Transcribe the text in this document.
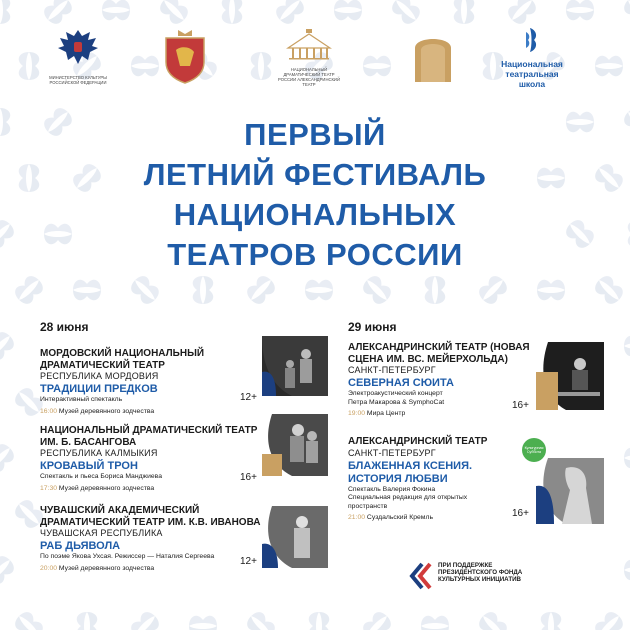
МИНИСТЕРСТВО КУЛЬТУРЫ РОССИЙСКОЙ ФЕДЕРАЦИИ
НАЦИОНАЛЬНЫЙ ДРАМАТИЧЕСКИЙ ТЕАТР РОССИИ АЛЕКСАНДРИНСКИЙ ТЕАТР
Национальная театральная школа
ПЕРВЫЙ
ЛЕТНИЙ ФЕСТИВАЛЬ
НАЦИОНАЛЬНЫХ
ТЕАТРОВ РОССИИ
28 июня
МОРДОВСКИЙ НАЦИОНАЛЬНЫЙ ДРАМАТИЧЕСКИЙ ТЕАТР
РЕСПУБЛИКА МОРДОВИЯ
ТРАДИЦИИ ПРЕДКОВ
Интерактивный спектакль
16:00 Музей деревянного зодчества
12+
НАЦИОНАЛЬНЫЙ ДРАМАТИЧЕСКИЙ ТЕАТР ИМ. Б. БАСАНГОВА
РЕСПУБЛИКА КАЛМЫКИЯ
КРОВАВЫЙ ТРОН
Спектакль и пьеса Бориса Манджиева
17:30 Музей деревянного зодчества
16+
ЧУВАШСКИЙ АКАДЕМИЧЕСКИЙ ДРАМАТИЧЕСКИЙ ТЕАТР ИМ. К.В. ИВАНОВА
ЧУВАШСКАЯ РЕСПУБЛИКА
РАБ ДЬЯВОЛА
По поэме Якова Ухсая. Режиссер — Наталия Сергеева
20:00 Музей деревянного зодчества
12+
29 июня
АЛЕКСАНДРИНСКИЙ ТЕАТР (НОВАЯ СЦЕНА ИМ. ВС. МЕЙЕРХОЛЬДА)
САНКТ-ПЕТЕРБУРГ
СЕВЕРНАЯ СЮИТА
Электроакустический концерт
Петра Макарова & SymphoCat
19:00 Мира Центр
16+
АЛЕКСАНДРИНСКИЙ ТЕАТР
САНКТ-ПЕТЕРБУРГ
БЛАЖЕННАЯ КСЕНИЯ.
ИСТОРИЯ ЛЮБВИ
Спектакль Валерия Фокина
Специальная редакция для открытых
пространств
21:00 Суздальский Кремль
Культурная Суббота
16+
ПРИ ПОДДЕРЖКЕ ПРЕЗИДЕНТСКОГО ФОНДА КУЛЬТУРНЫХ ИНИЦИАТИВ
